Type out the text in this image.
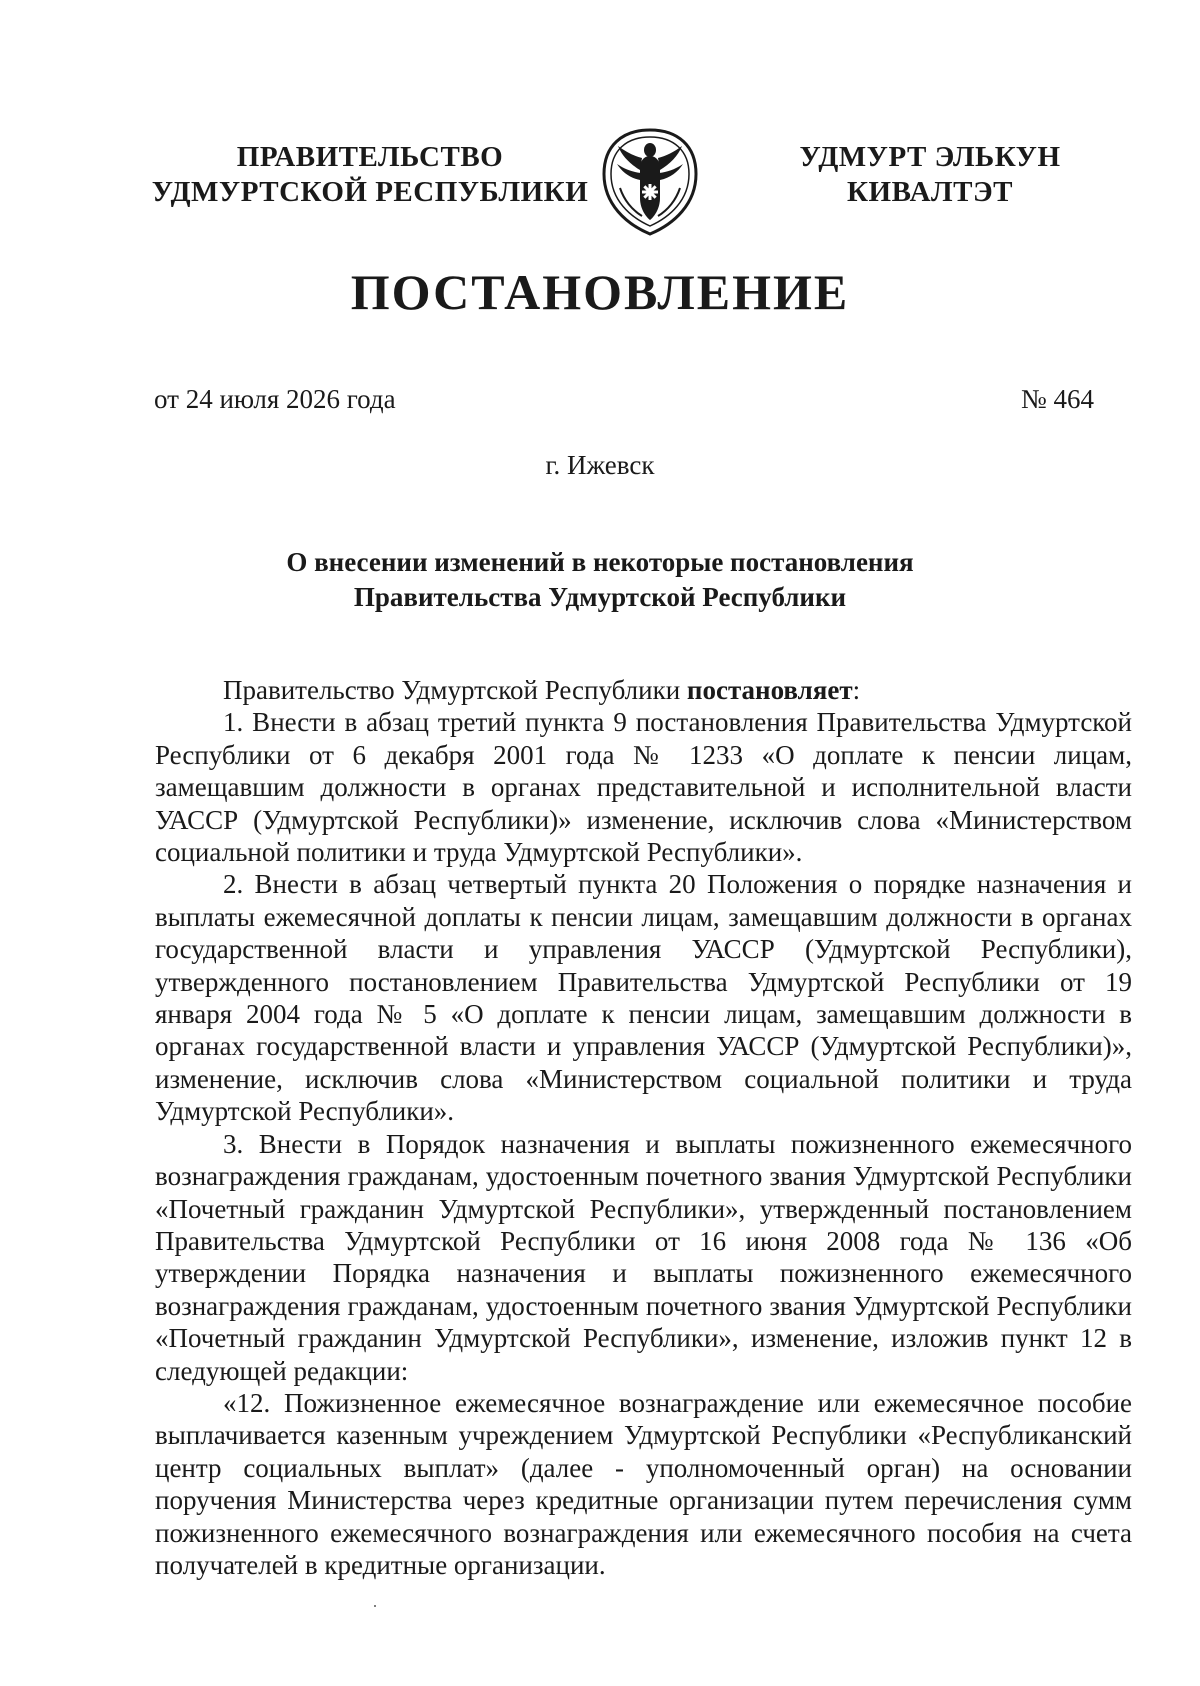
ПРАВИТЕЛЬСТВО
УДМУРТСКОЙ РЕСПУБЛИКИ
УДМУРТ ЭЛЬКУН
КИВАЛТЭТ
ПОСТАНОВЛЕНИЕ
от 24 июля 2026 года	№ 464
г. Ижевск
О внесении изменений в некоторые постановления
Правительства Удмуртской Республики

Правительство Удмуртской Республики постановляет:

1. Внести в абзац третий пункта 9 постановления Правительства Удмуртской Республики от 6 декабря 2001 года № 1233 «О доплате к пенсии лицам, замещавшим должности в органах представительной и исполнительной власти УАССР (Удмуртской Республики)» изменение, исключив слова «Министерством социальной политики и труда Удмуртской Республики».

2. Внести в абзац четвертый пункта 20 Положения о порядке назначения и выплаты ежемесячной доплаты к пенсии лицам, замещавшим должности в органах государственной власти и управления УАССР (Удмуртской Республики), утвержденного постановлением Правительства Удмуртской Республики от 19 января 2004 года № 5 «О доплате к пенсии лицам, замещавшим должности в органах государственной власти и управления УАССР (Удмуртской Республики)», изменение, исключив слова «Министерством социальной политики и труда Удмуртской Республики».

3. Внести в Порядок назначения и выплаты пожизненного ежемесячного вознаграждения гражданам, удостоенным почетного звания Удмуртской Республики «Почетный гражданин Удмуртской Республики», утвержденный постановлением Правительства Удмуртской Республики от 16 июня 2008 года № 136 «Об утверждении Порядка назначения и выплаты пожизненного ежемесячного вознаграждения гражданам, удостоенным почетного звания Удмуртской Республики «Почетный гражданин Удмуртской Республики», изменение, изложив пункт 12 в следующей редакции:

«12. Пожизненное ежемесячное вознаграждение или ежемесячное пособие выплачивается казенным учреждением Удмуртской Республики «Республиканский центр социальных выплат» (далее - уполномоченный орган) на основании поручения Министерства через кредитные организации путем перечисления сумм пожизненного ежемесячного вознаграждения или ежемесячного пособия на счета получателей в кредитные организации.
